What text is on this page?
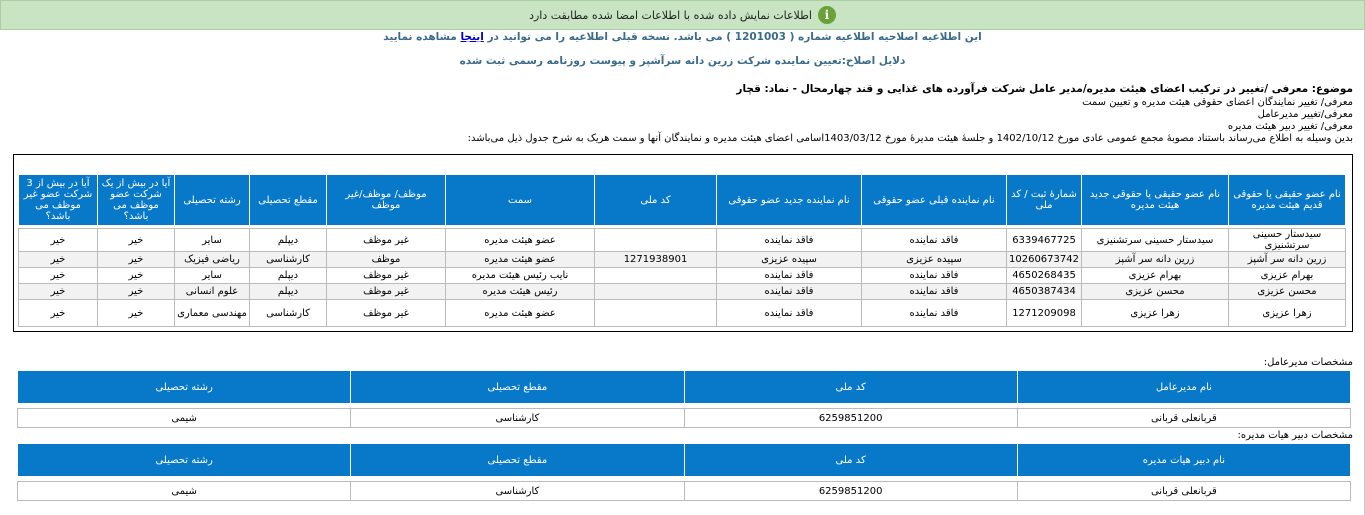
i
اطلاعات نمایش داده شده با اطلاعات امضا شده مطابقت دارد
این اطلاعیه اصلاحیه اطلاعیه شماره ( 1201003 ) می باشد. نسخه قبلی اطلاعیه را می توانید در اینجا مشاهده نمایید
دلایل اصلاح:تعیین نماینده شرکت زرین دانه سرآشپز و پیوست روزنامه رسمی ثبت شده
موضوع: معرفی /تغییر در ترکیب اعضای هیئت مدیره/مدیر عامل شرکت فرآورده های غذایی و قند چهارمحال - نماد: قچار
معرفی/ تغییر نمایندگان اعضای حقوقی هیئت مدیره و تعیین سمت
معرفی/تغییر مدیرعامل
معرفی/ تغییر دبیر هیئت مدیره
بدین وسیله به اطلاع می‌رساند باستناد مصوبهٔ مجمع عمومی عادی مورخ 1402/10/12 و جلسهٔ هیئت مدیرهٔ مورخ 1403/03/12اسامی اعضای هیئت مدیره و نمایندگان آنها و سمت هریک به شرح جدول ذیل می‌باشد:
نام عضو حقیقی یا حقوقی قدیم هیئت مدیره	نام عضو حقیقی یا حقوقی جدید هیئت مدیره	شمارهٔ ثبت / کد ملی	نام نماینده قبلی عضو حقوقی	نام نماینده جدید عضو حقوقی	کد ملی	سمت	موظف/ موظف/غیر موظف	مقطع تحصیلی	رشته تحصیلی	آیا در بیش از یک شرکت عضو موظف می باشد؟	آیا در بیش از 3 شرکت عضو غیر موظف می باشد؟

سیدستار حسینی سرتشنیزی	سیدستار حسینی سرتشنیزی	6339467725	فاقد نماینده	فاقد نماینده		عضو هیئت مدیره	غیر موظف	دیپلم	سایر	خیر	خیر
زرین دانه سر آشپز	زرین دانه سر آشپز	10260673742	سپیده عزیزی	سپیده عزیزی	1271938901	عضو هیئت مدیره	موظف	کارشناسی	ریاضی فیزیک	خیر	خیر
بهرام عزیزی	بهرام عزیزی	4650268435	فاقد نماینده	فاقد نماینده		نایب رئیس هیئت مدیره	غیر موظف	دیپلم	سایر	خیر	خیر
محسن عزیزی	محسن عزیزی	4650387434	فاقد نماینده	فاقد نماینده		رئیس هیئت مدیره	غیر موظف	دیپلم	علوم انسانی	خیر	خیر
زهرا عزیزی	زهرا عزیزی	1271209098	فاقد نماینده	فاقد نماینده		عضو هیئت مدیره	غیر موظف	کارشناسی	مهندسی معماری	خیر	خیر
مشخصات مدیرعامل:
نام مدیرعامل	کد ملی	مقطع تحصیلی	رشته تحصیلی

قربانعلی قربانی	6259851200	کارشناسی	شیمی
مشخصات دبیر هیات مدیره:
نام دبیر هیات مدیره	کد ملی	مقطع تحصیلی	رشته تحصیلی

قربانعلی قربانی	6259851200	کارشناسی	شیمی
